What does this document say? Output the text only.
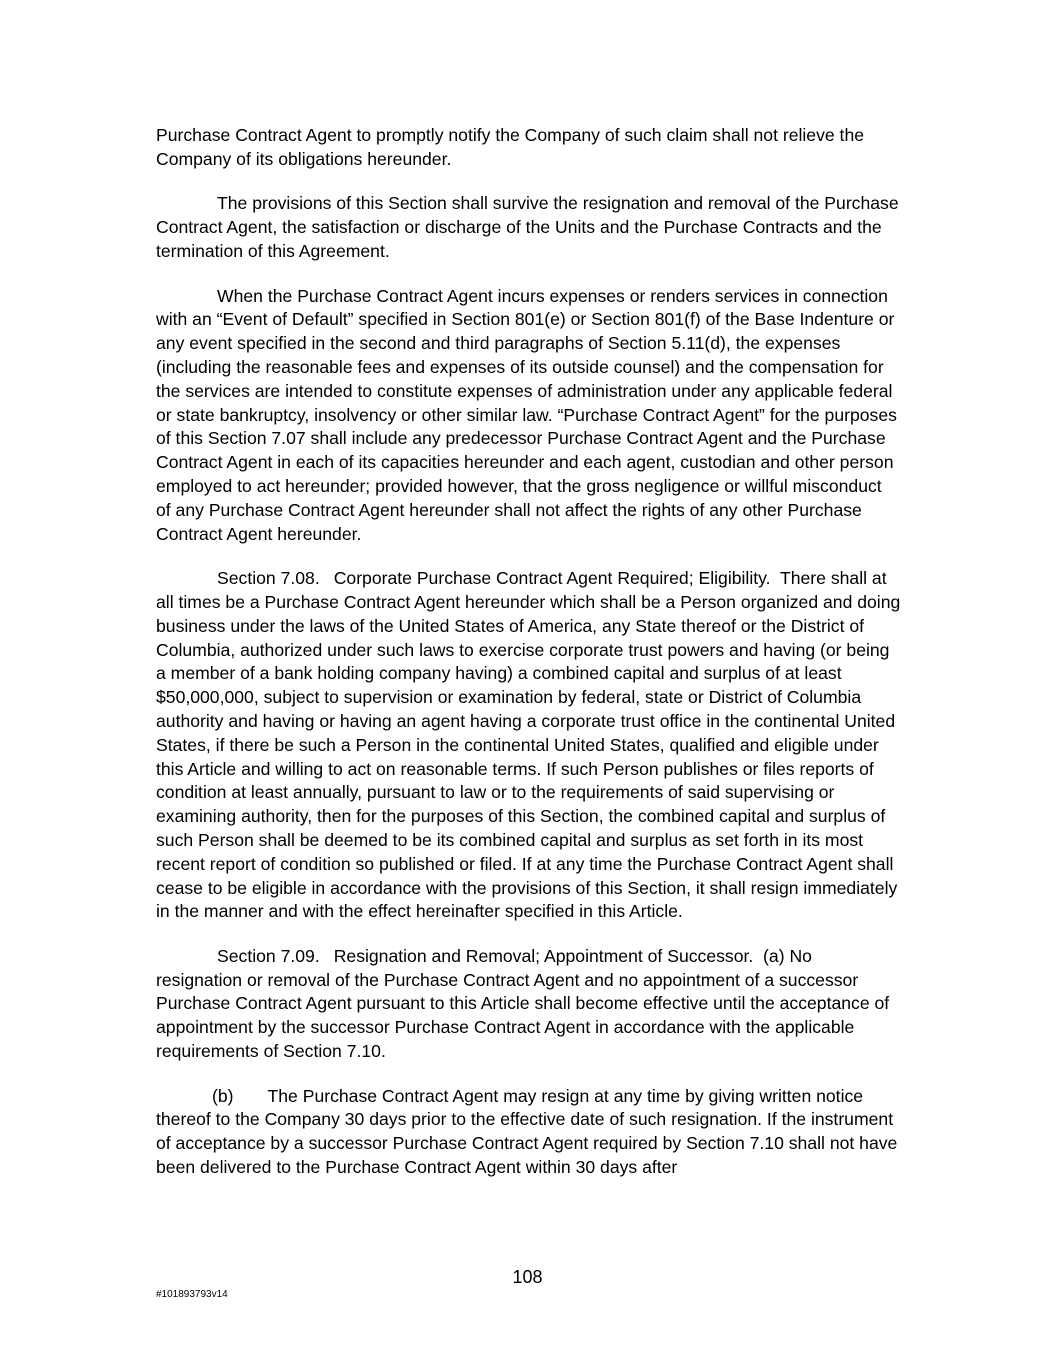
Purchase Contract Agent to promptly notify the Company of such claim shall not relieve the Company of its obligations hereunder.

The provisions of this Section shall survive the resignation and removal of the Purchase Contract Agent, the satisfaction or discharge of the Units and the Purchase Contracts and the termination of this Agreement.

When the Purchase Contract Agent incurs expenses or renders services in connection with an “Event of Default” specified in Section 801(e) or Section 801(f) of the Base Indenture or any event specified in the second and third paragraphs of Section 5.11(d), the expenses (including the reasonable fees and expenses of its outside counsel) and the compensation for the services are intended to constitute expenses of administration under any applicable federal or state bankruptcy, insolvency or other similar law. “Purchase Contract Agent” for the purposes of this Section 7.07 shall include any predecessor Purchase Contract Agent and the Purchase Contract Agent in each of its capacities hereunder and each agent, custodian and other person employed to act hereunder; provided however, that the gross negligence or willful misconduct of any Purchase Contract Agent hereunder shall not affect the rights of any other Purchase Contract Agent hereunder.

Section 7.08. Corporate Purchase Contract Agent Required; Eligibility. There shall at all times be a Purchase Contract Agent hereunder which shall be a Person organized and doing business under the laws of the United States of America, any State thereof or the District of Columbia, authorized under such laws to exercise corporate trust powers and having (or being a member of a bank holding company having) a combined capital and surplus of at least $50,000,000, subject to supervision or examination by federal, state or District of Columbia authority and having or having an agent having a corporate trust office in the continental United States, if there be such a Person in the continental United States, qualified and eligible under this Article and willing to act on reasonable terms. If such Person publishes or files reports of condition at least annually, pursuant to law or to the requirements of said supervising or examining authority, then for the purposes of this Section, the combined capital and surplus of such Person shall be deemed to be its combined capital and surplus as set forth in its most recent report of condition so published or filed. If at any time the Purchase Contract Agent shall cease to be eligible in accordance with the provisions of this Section, it shall resign immediately in the manner and with the effect hereinafter specified in this Article.

Section 7.09. Resignation and Removal; Appointment of Successor. (a) No resignation or removal of the Purchase Contract Agent and no appointment of a successor Purchase Contract Agent pursuant to this Article shall become effective until the acceptance of appointment by the successor Purchase Contract Agent in accordance with the applicable requirements of Section 7.10.

(b) The Purchase Contract Agent may resign at any time by giving written notice thereof to the Company 30 days prior to the effective date of such resignation. If the instrument of acceptance by a successor Purchase Contract Agent required by Section 7.10 shall not have been delivered to the Purchase Contract Agent within 30 days after

108
#101893793v14
